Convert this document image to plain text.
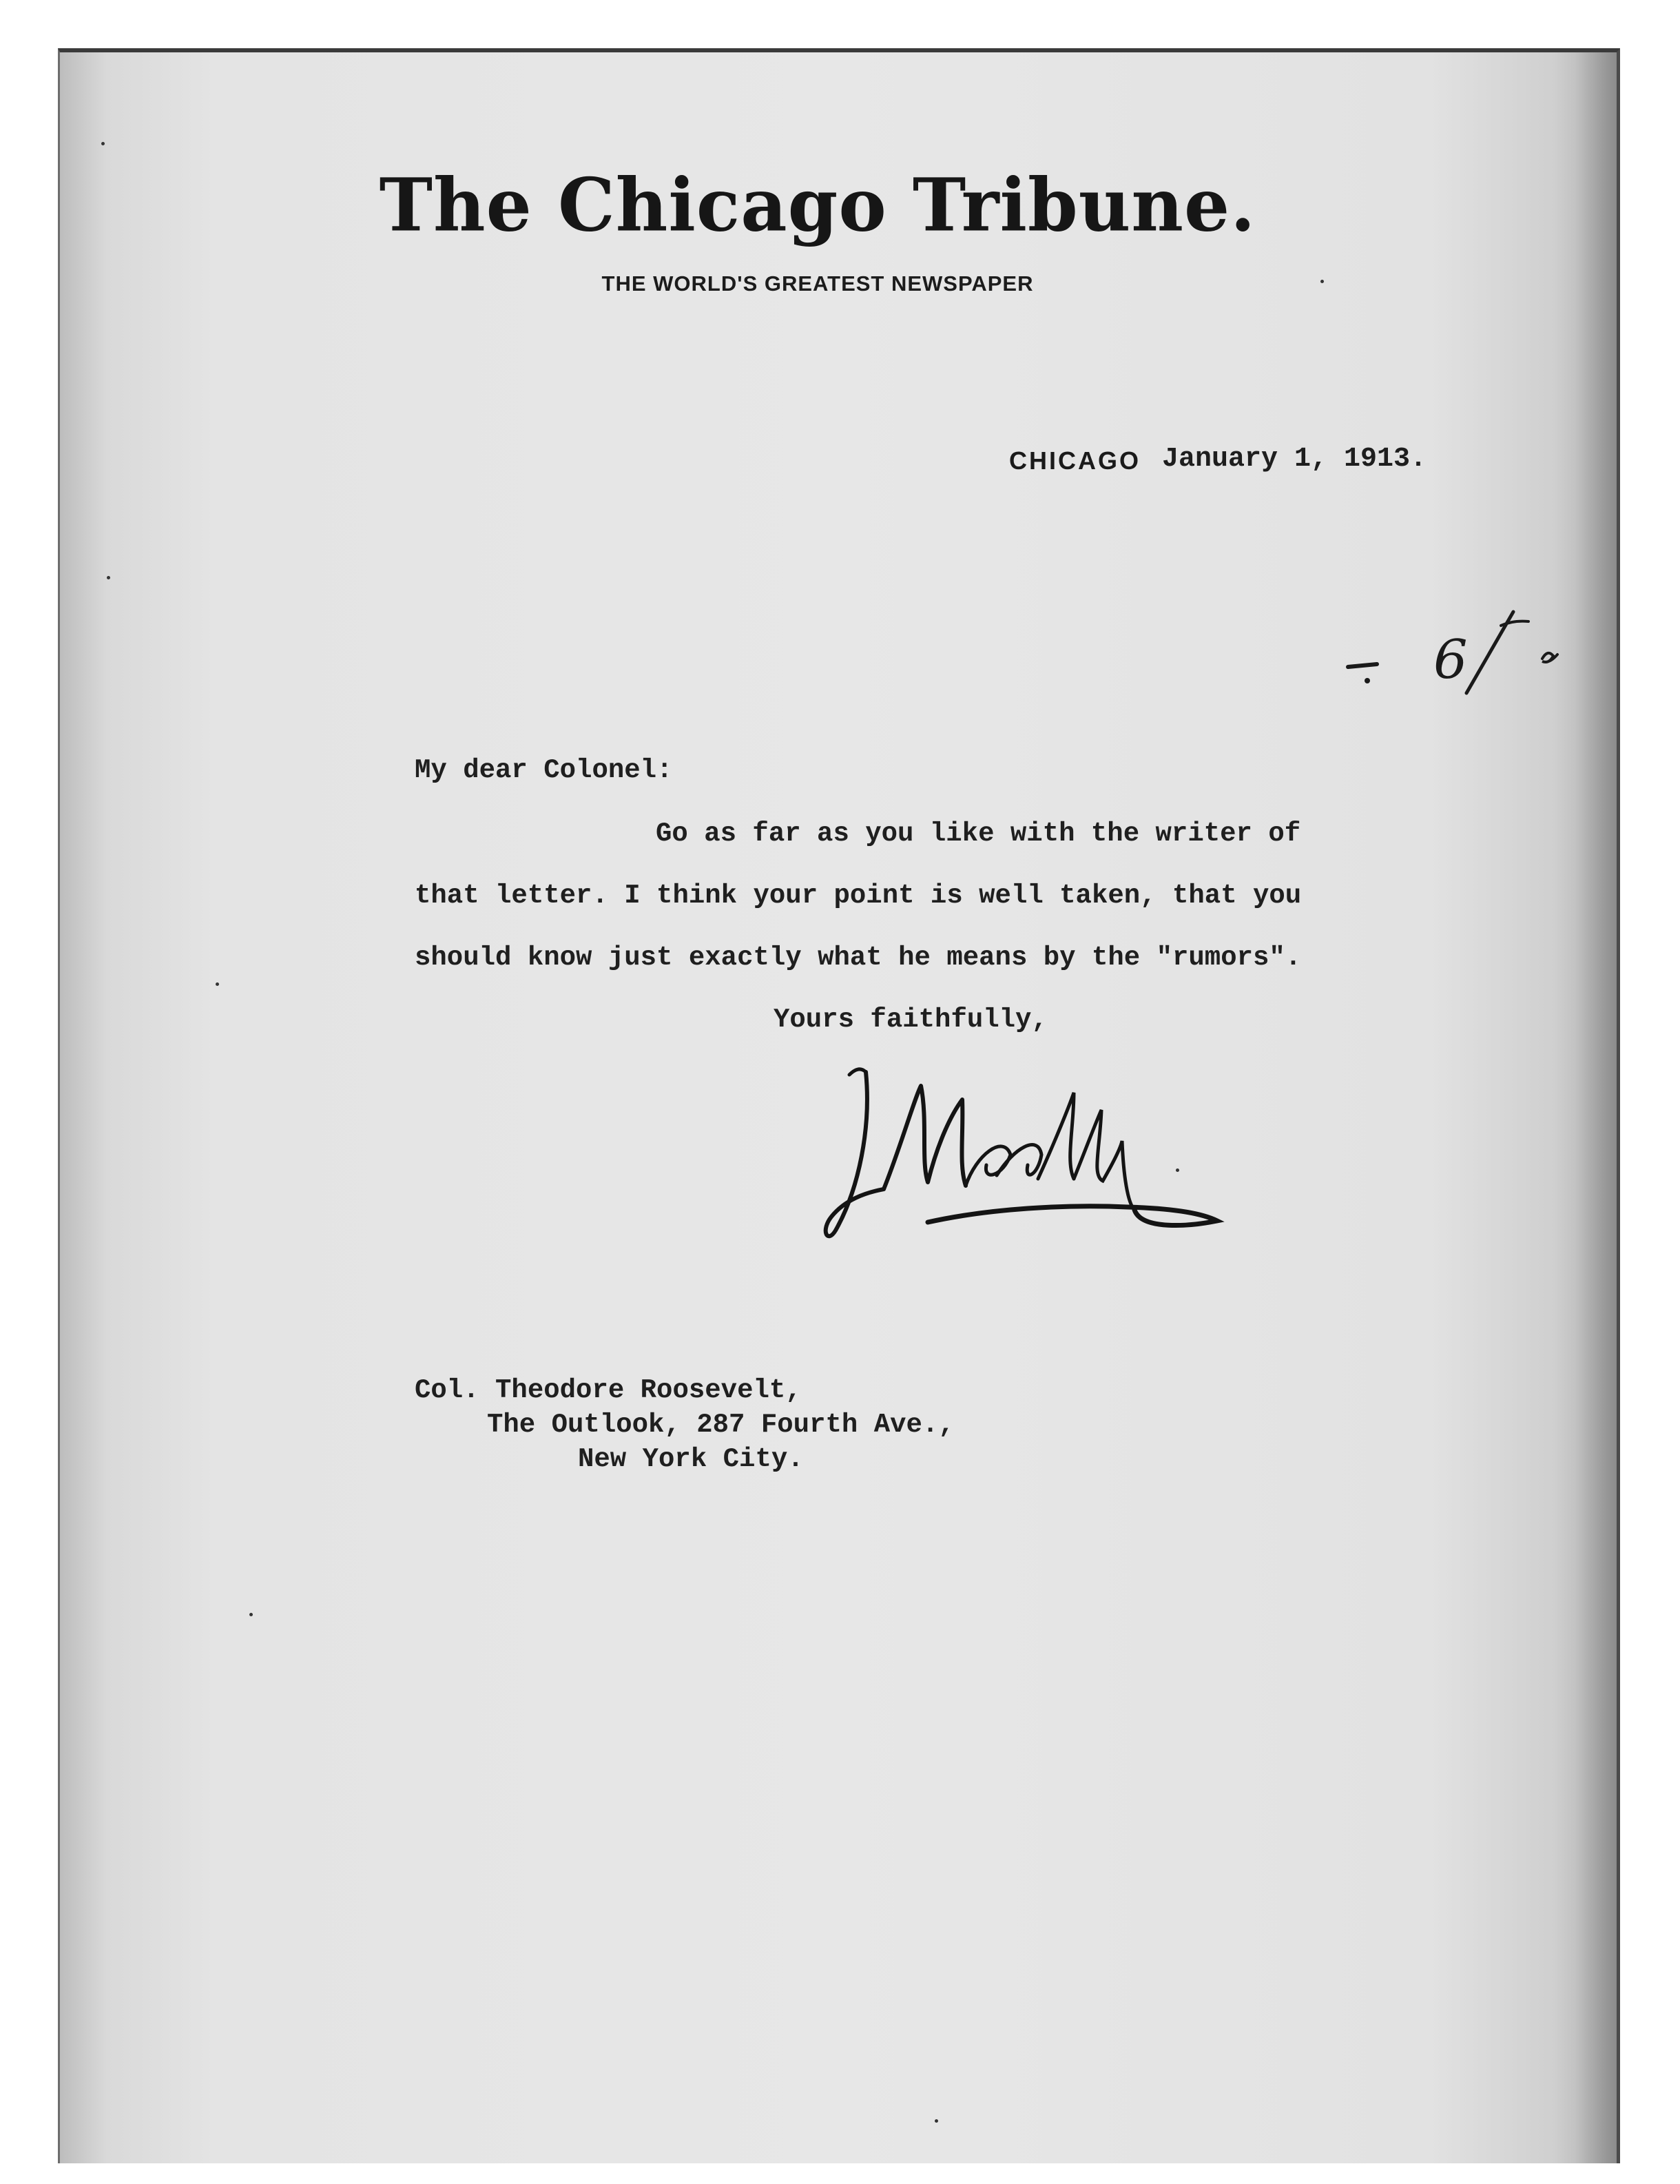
The Chicago Tribune.
THE WORLD'S GREATEST NEWSPAPER
CHICAGO January 1, 1913.
6
My dear Colonel:
Go as far as you like with the writer of
that letter. I think your point is well taken, that you
should know just exactly what he means by the "rumors".
Yours faithfully,
Col. Theodore Roosevelt,
The Outlook, 287 Fourth Ave.,
New York City.
